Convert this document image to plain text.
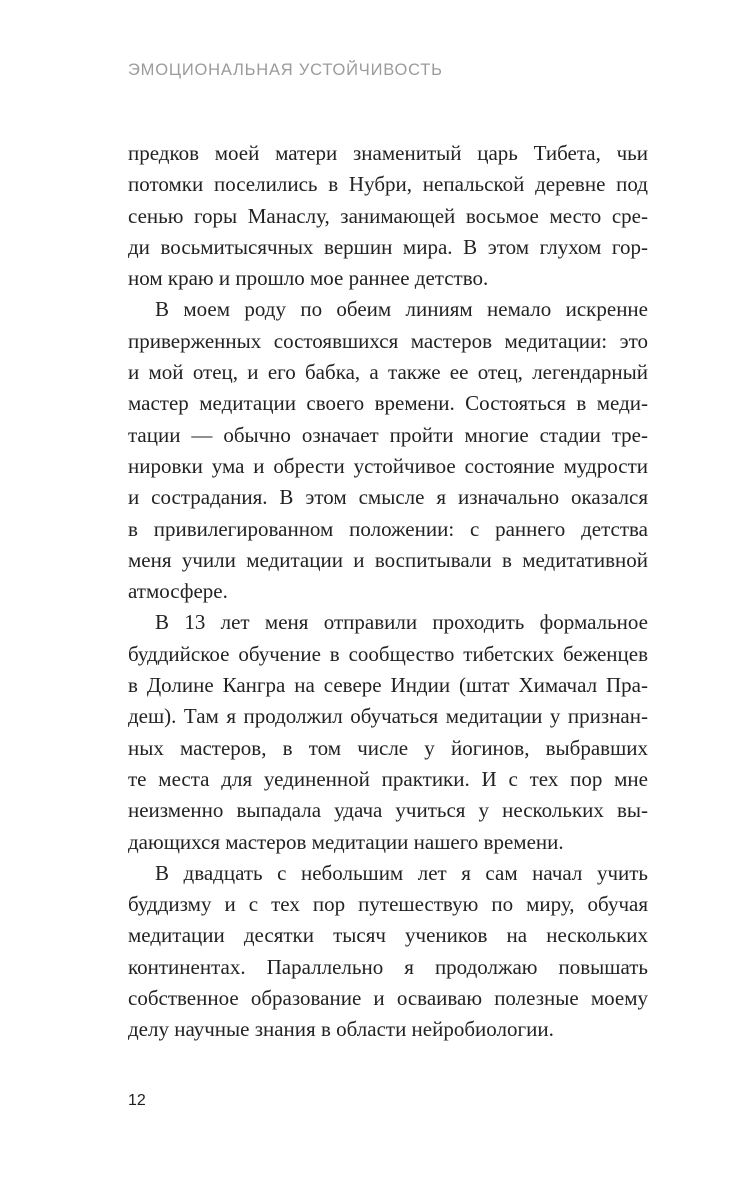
ЭМОЦИОНАЛЬНАЯ УСТОЙЧИВОСТЬ
предков моей матери знаменитый царь Тибета, чьи
потомки поселились в Нубри, непальской деревне под
сенью горы Манаслу, занимающей восьмое место сре-
ди восьмитысячных вершин мира. В этом глухом гор-
ном краю и прошло мое раннее детство.
В моем роду по обеим линиям немало искренне
приверженных состоявшихся мастеров медитации: это
и мой отец, и его бабка, а также ее отец, легендарный
мастер медитации своего времени. Состояться в меди-
тации — обычно означает пройти многие стадии тре-
нировки ума и обрести устойчивое состояние мудрости
и сострадания. В этом смысле я изначально оказался
в привилегированном положении: с раннего детства
меня учили медитации и воспитывали в медитативной
атмосфере.
В 13 лет меня отправили проходить формальное
буддийское обучение в сообщество тибетских беженцев
в Долине Кангра на севере Индии (штат Химачал Пра-
деш). Там я продолжил обучаться медитации у признан-
ных мастеров, в том числе у йогинов, выбравших
те места для уединенной практики. И с тех пор мне
неизменно выпадала удача учиться у нескольких вы-
дающихся мастеров медитации нашего времени.
В двадцать с небольшим лет я сам начал учить
буддизму и с тех пор путешествую по миру, обучая
медитации десятки тысяч учеников на нескольких
континентах. Параллельно я продолжаю повышать
собственное образование и осваиваю полезные моему
делу научные знания в области нейробиологии.
12
